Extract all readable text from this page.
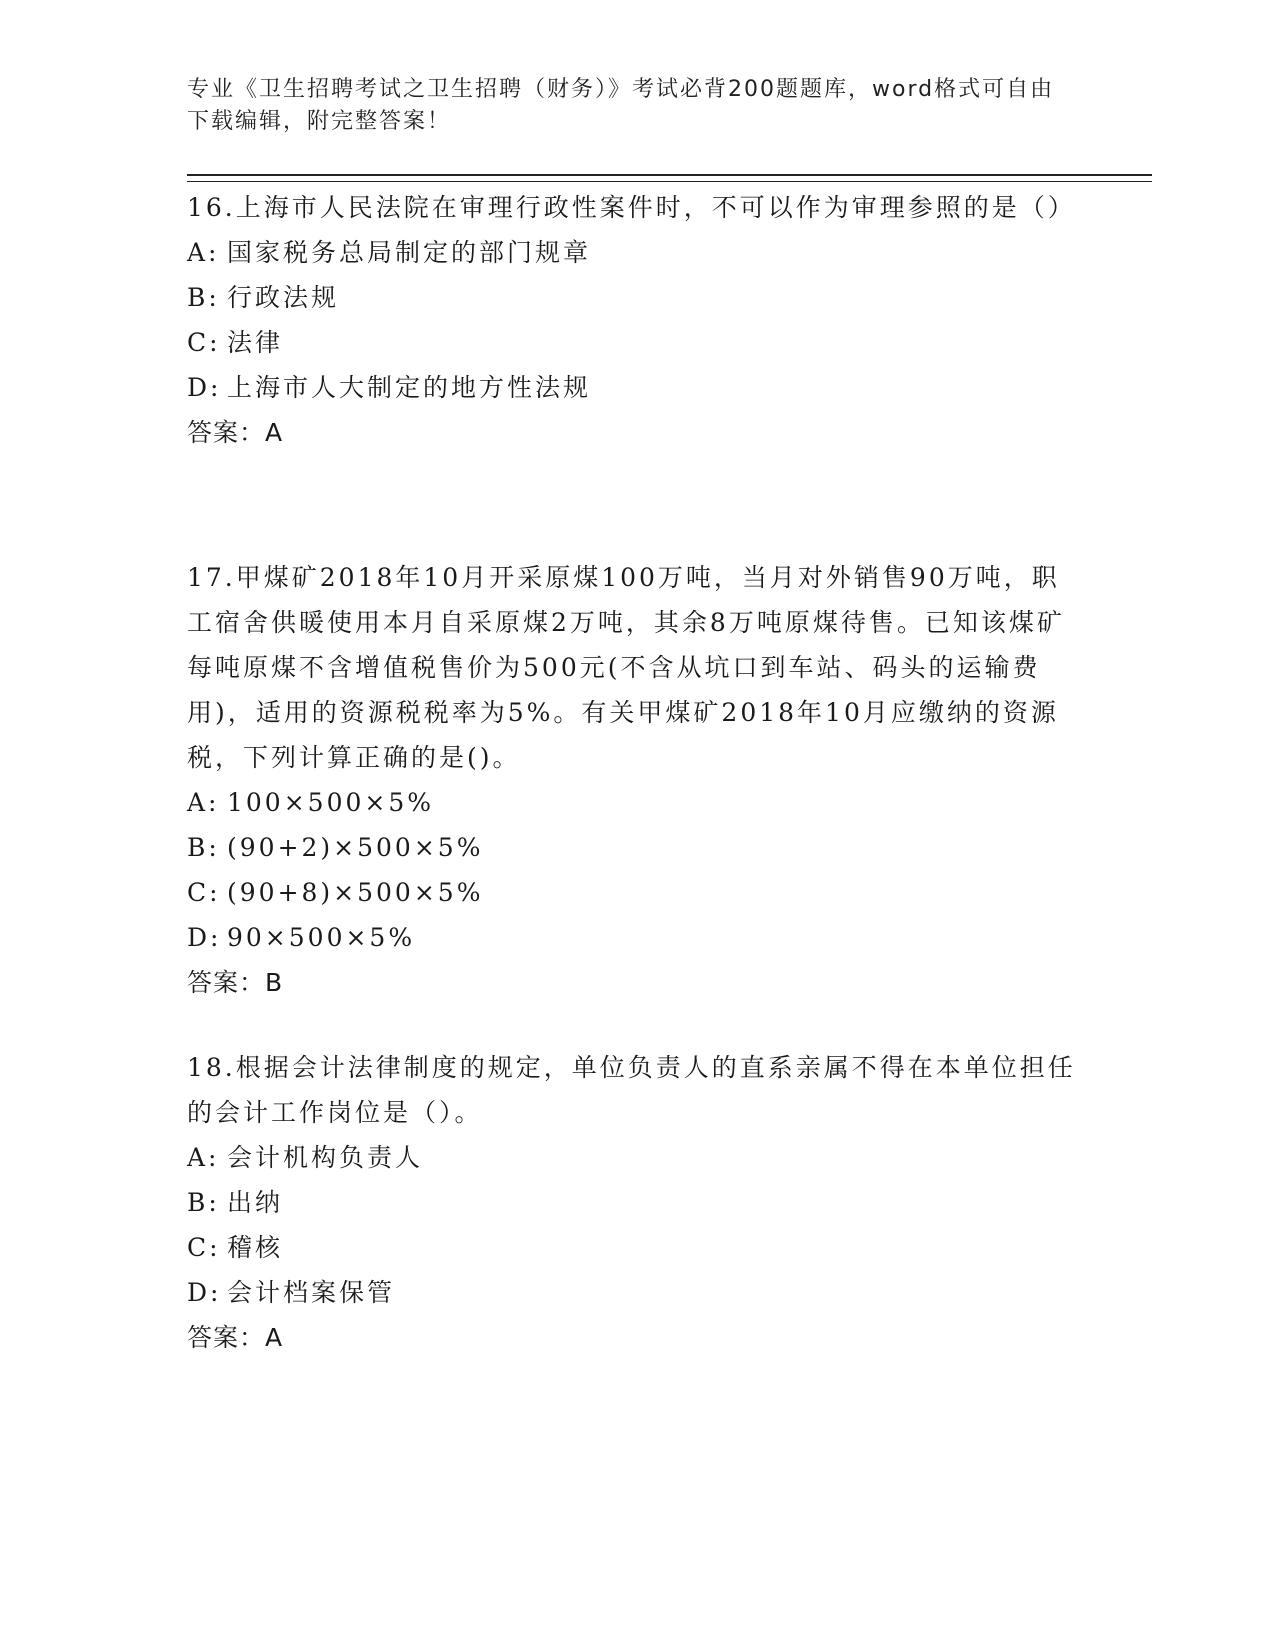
专业《卫生招聘考试之卫生招聘（财务）》考试必背200题题库，word格式可自由下载编辑，附完整答案！

16.上海市人民法院在审理行政性案件时，不可以作为审理参照的是（）

A: 国家税务总局制定的部门规章

B: 行政法规

C: 法律

D: 上海市人大制定的地方性法规

答案：A

17.甲煤矿2018年10月开采原煤100万吨，当月对外销售90万吨，职工宿舍供暖使用本月自采原煤2万吨，其余8万吨原煤待售。已知该煤矿每吨原煤不含增值税售价为500元(不含从坑口到车站、码头的运输费用)，适用的资源税税率为5%。有关甲煤矿2018年10月应缴纳的资源税，下列计算正确的是()。

A: 100×500×5%

B: (90+2)×500×5%

C: (90+8)×500×5%

D: 90×500×5%

答案：B

18.根据会计法律制度的规定，单位负责人的直系亲属不得在本单位担任的会计工作岗位是（）。

A: 会计机构负责人

B: 出纳

C: 稽核

D: 会计档案保管

答案：A
